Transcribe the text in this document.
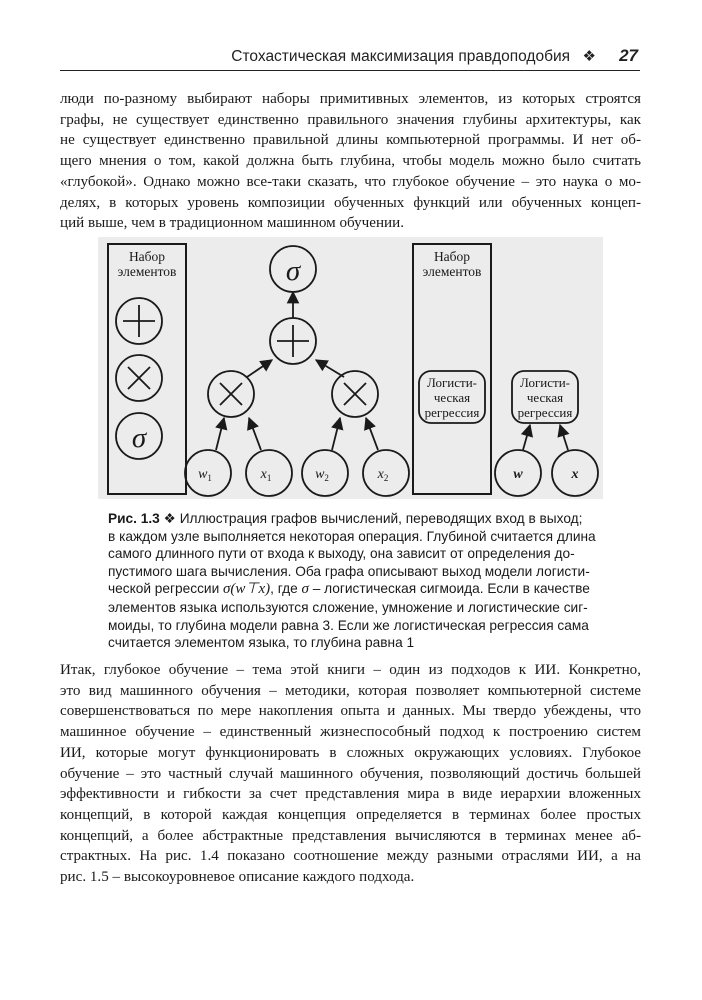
Стохастическая максимизация правдоподобия ❖ 27
люди по-разному выбирают наборы примитивных элементов, из которых строятся
графы, не существует единственно правильного значения глубины архитектуры, как
не существует единственно правильной длины компьютерной программы. И нет об-
щего мнения о том, какой должна быть глубина, чтобы модель можно было считать
«глубокой». Однако можно все-таки сказать, что глубокое обучение – это наука о мо-
делях, в которых уровень композиции обученных функций или обученных концеп-
ций выше, чем в традиционном машинном обучении.
Набор
элементов
σ
σ
$w_1$	$x_1$	$w_2$	$x_2$
Набор
элементов
Логисти-
ческая
регрессия
Логисти-
ческая
регрессия
w	x
Рис. 1.3 ❖ Иллюстрация графов вычислений, переводящих вход в выход;
в каждом узле выполняется некоторая операция. Глубиной считается длина
самого длинного пути от входа к выходу, она зависит от определения до-
пустимого шага вычисления. Оба графа описывают выход модели логисти-
ческой регрессии σ(w⊤x), где σ – логистическая сигмоида. Если в качестве
элементов языка используются сложение, умножение и логистические сиг-
моиды, то глубина модели равна 3. Если же логистическая регрессия сама
считается элементом языка, то глубина равна 1
Итак, глубокое обучение – тема этой книги – один из подходов к ИИ. Конкретно,
это вид машинного обучения – методики, которая позволяет компьютерной системе
совершенствоваться по мере накопления опыта и данных. Мы твердо убеждены, что
машинное обучение – единственный жизнеспособный подход к построению систем
ИИ, которые могут функционировать в сложных окружающих условиях. Глубокое
обучение – это частный случай машинного обучения, позволяющий достичь большей
эффективности и гибкости за счет представления мира в виде иерархии вложенных
концепций, в которой каждая концепция определяется в терминах более простых
концепций, а более абстрактные представления вычисляются в терминах менее аб-
страктных. На рис. 1.4 показано соотношение между разными отраслями ИИ, а на
рис. 1.5 – высокоуровневое описание каждого подхода.
